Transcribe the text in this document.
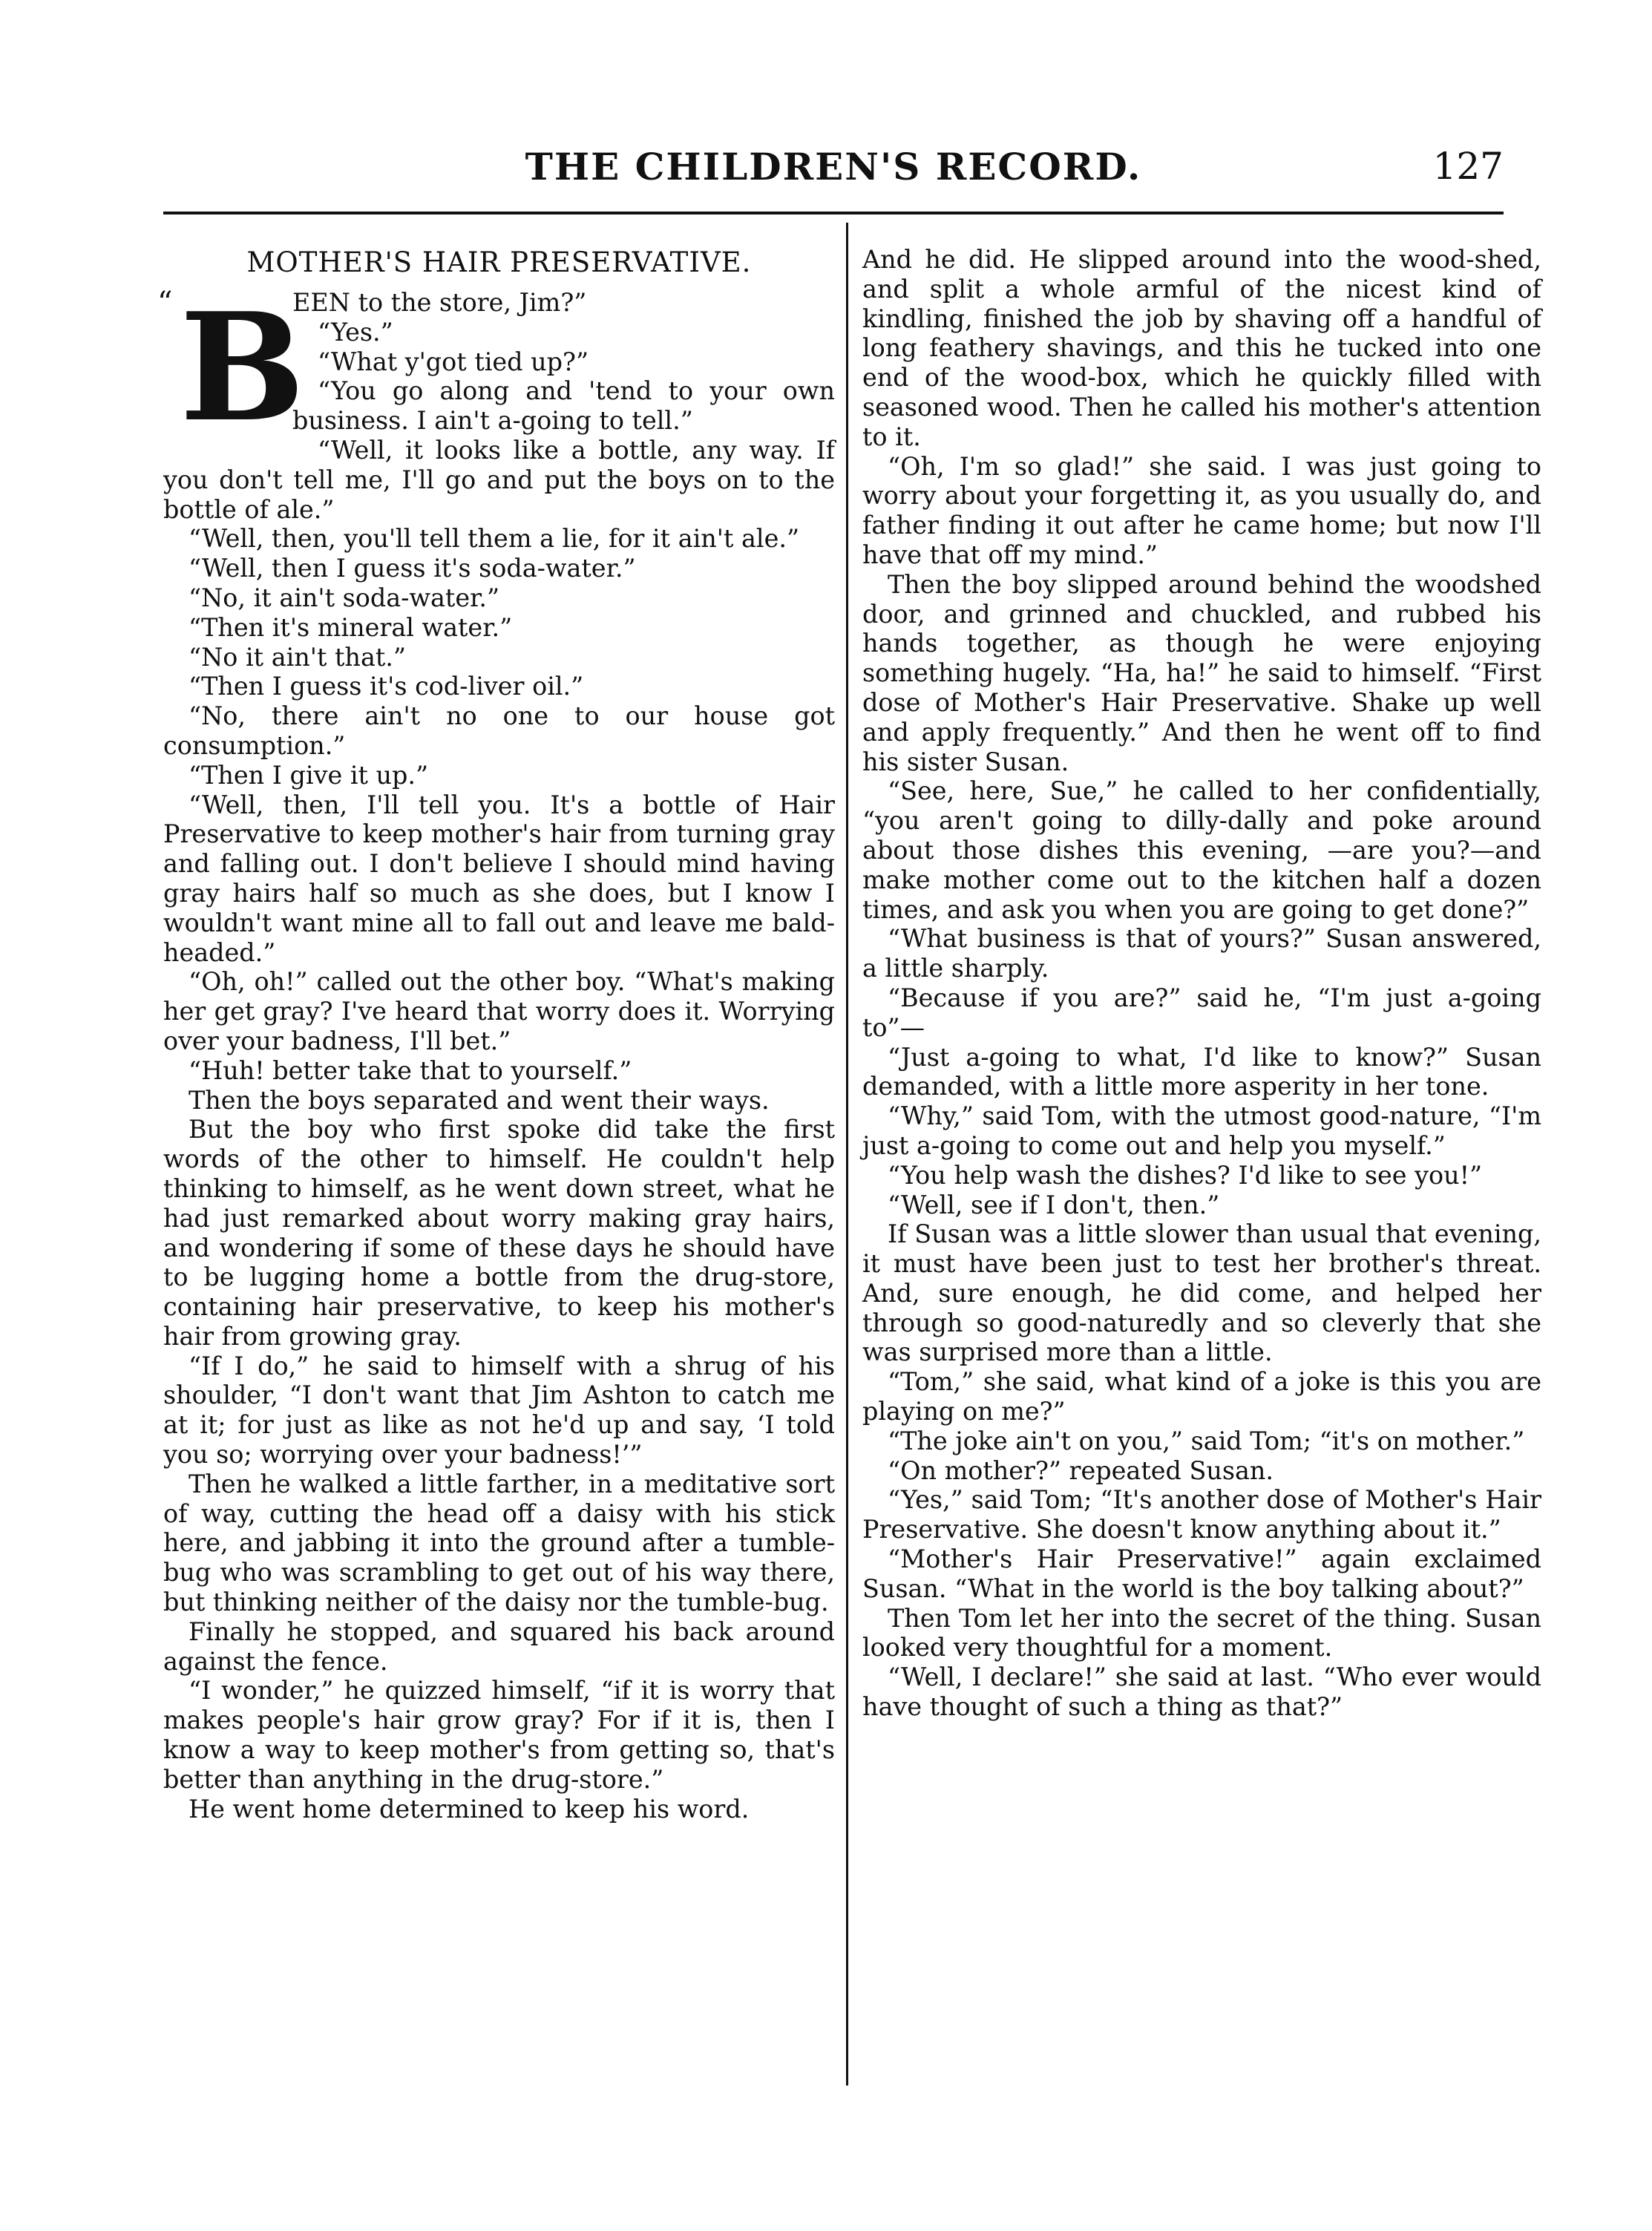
THE CHILDREN'S RECORD.	127
MOTHER'S HAIR PRESERVATIVE.
“ B

EEN to the store, Jim?”

“Yes.”

“What y'got tied up?”

“You go along and 'tend to your own business. I ain't a-going to tell.”

“Well, it looks like a bottle, any way. If you don't tell me, I'll go and put the boys on to the bottle of ale.”

“Well, then, you'll tell them a lie, for it ain't ale.”

“Well, then I guess it's soda-water.”

“No, it ain't soda-water.”

“Then it's mineral water.”

“No it ain't that.”

“Then I guess it's cod-liver oil.”

“No, there ain't no one to our house got consumption.”

“Then I give it up.”

“Well, then, I'll tell you. It's a bottle of Hair Preservative to keep mother's hair from turning gray and falling out. I don't believe I should mind having gray hairs half so much as she does, but I know I wouldn't want mine all to fall out and leave me bald-headed.”

“Oh, oh!” called out the other boy. “What's making her get gray? I've heard that worry does it. Worrying over your badness, I'll bet.”

“Huh! better take that to yourself.”

Then the boys separated and went their ways.

But the boy who first spoke did take the first words of the other to himself. He couldn't help thinking to himself, as he went down street, what he had just remarked about worry making gray hairs, and wondering if some of these days he should have to be lugging home a bottle from the drug-store, containing hair preservative, to keep his mother's hair from growing gray.

“If I do,” he said to himself with a shrug of his shoulder, “I don't want that Jim Ashton to catch me at it; for just as like as not he'd up and say, ‘I told you so; worrying over your badness!’”

Then he walked a little farther, in a meditative sort of way, cutting the head off a daisy with his stick here, and jabbing it into the ground after a tumble-bug who was scrambling to get out of his way there, but thinking neither of the daisy nor the tumble-bug.

Finally he stopped, and squared his back around against the fence.

“I wonder,” he quizzed himself, “if it is worry that makes people's hair grow gray? For if it is, then I know a way to keep mother's from getting so, that's better than anything in the drug-store.”

He went home determined to keep his word.

And he did. He slipped around into the wood-shed, and split a whole armful of the nicest kind of kindling, finished the job by shaving off a handful of long feathery shavings, and this he tucked into one end of the wood-box, which he quickly filled with seasoned wood. Then he called his mother's attention to it.

“Oh, I'm so glad!” she said. I was just going to worry about your forgetting it, as you usually do, and father finding it out after he came home; but now I'll have that off my mind.”

Then the boy slipped around behind the woodshed door, and grinned and chuckled, and rubbed his hands together, as though he were enjoying something hugely. “Ha, ha!” he said to himself. “First dose of Mother's Hair Preservative. Shake up well and apply frequently.” And then he went off to find his sister Susan.

“See, here, Sue,” he called to her confidentially, “you aren't going to dilly-dally and poke around about those dishes this evening, —are you?—and make mother come out to the kitchen half a dozen times, and ask you when you are going to get done?”

“What business is that of yours?” Susan answered, a little sharply.

“Because if you are?” said he, “I'm just a-going to”—

“Just a-going to what, I'd like to know?” Susan demanded, with a little more asperity in her tone.

“Why,” said Tom, with the utmost good-nature, “I'm just a-going to come out and help you myself.”

“You help wash the dishes? I'd like to see you!”

“Well, see if I don't, then.”

If Susan was a little slower than usual that evening, it must have been just to test her brother's threat. And, sure enough, he did come, and helped her through so good-naturedly and so cleverly that she was surprised more than a little.

“Tom,” she said, what kind of a joke is this you are playing on me?”

“The joke ain't on you,” said Tom; “it's on mother.”

“On mother?” repeated Susan.

“Yes,” said Tom; “It's another dose of Mother's Hair Preservative. She doesn't know anything about it.”

“Mother's Hair Preservative!” again exclaimed Susan. “What in the world is the boy talking about?”

Then Tom let her into the secret of the thing. Susan looked very thoughtful for a moment.

“Well, I declare!” she said at last. “Who ever would have thought of such a thing as that?”
